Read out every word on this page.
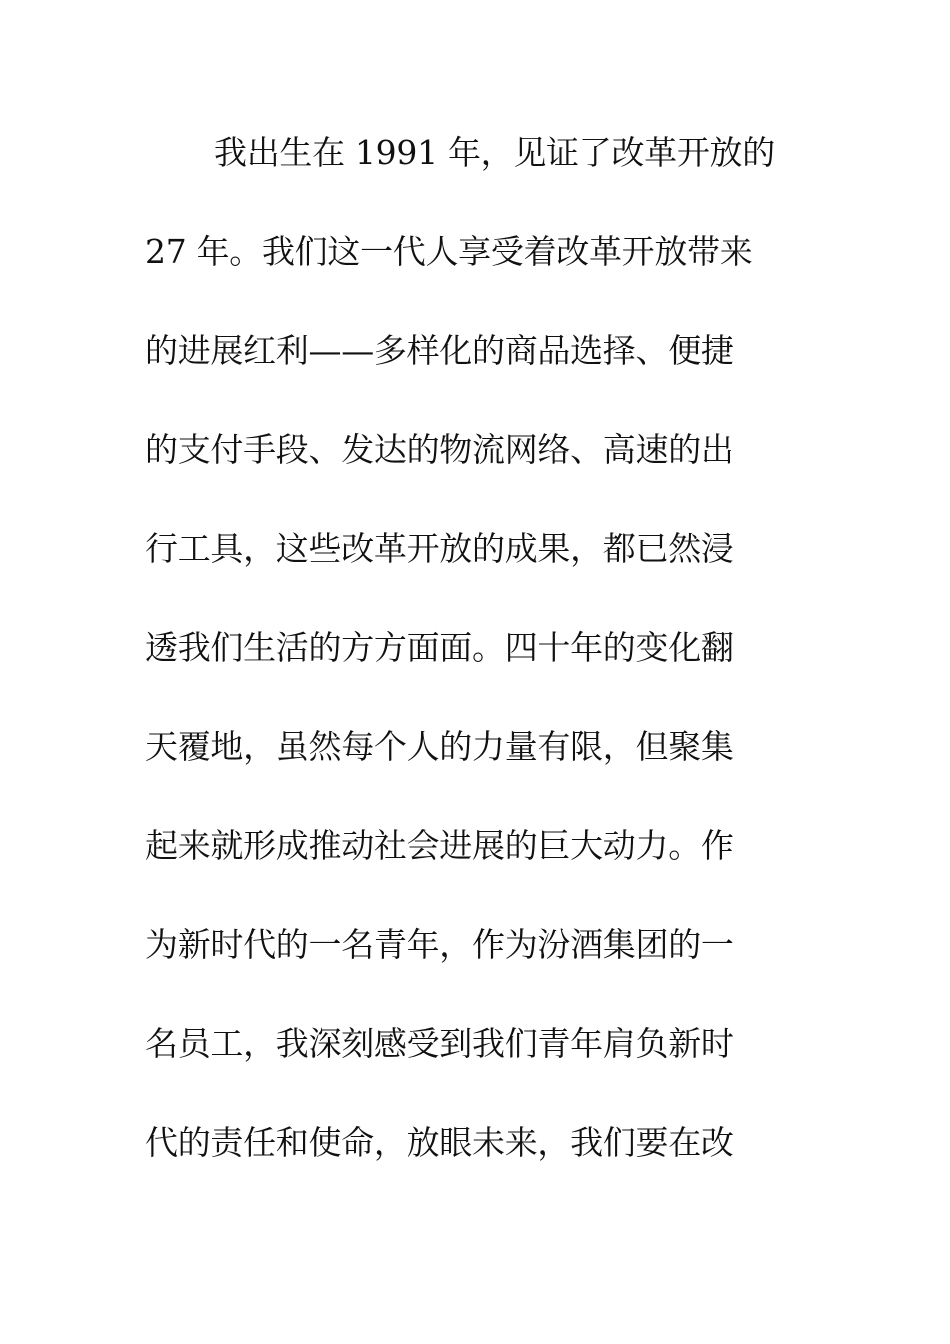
我出生在 1991 年，见证了改革开放的
27 年。我们这一代人享受着改革开放带来
的进展红利——多样化的商品选择、便捷
的支付手段、发达的物流网络、高速的出
行工具，这些改革开放的成果，都已然浸
透我们生活的方方面面。四十年的变化翻
天覆地，虽然每个人的力量有限，但聚集
起来就形成推动社会进展的巨大动力。作
为新时代的一名青年，作为汾酒集团的一
名员工，我深刻感受到我们青年肩负新时
代的责任和使命，放眼未来，我们要在改
